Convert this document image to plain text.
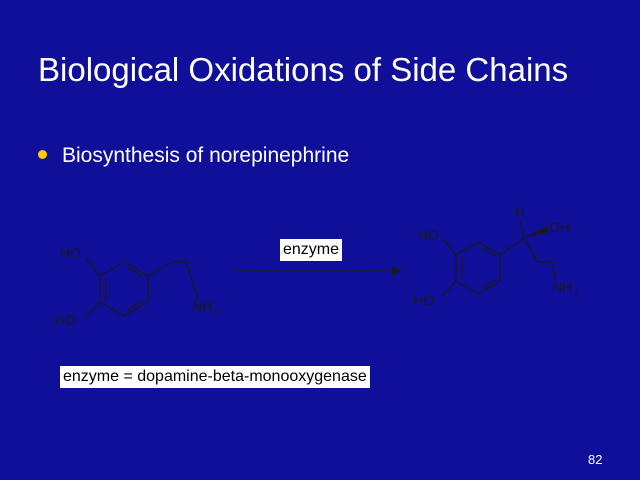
Biological Oxidations of Side Chains
Biosynthesis of norepinephrine
HO
HO
NH 2
HO
HO
H
OH
NH 2
enzyme
enzyme = dopamine-beta-monooxygenase
82
